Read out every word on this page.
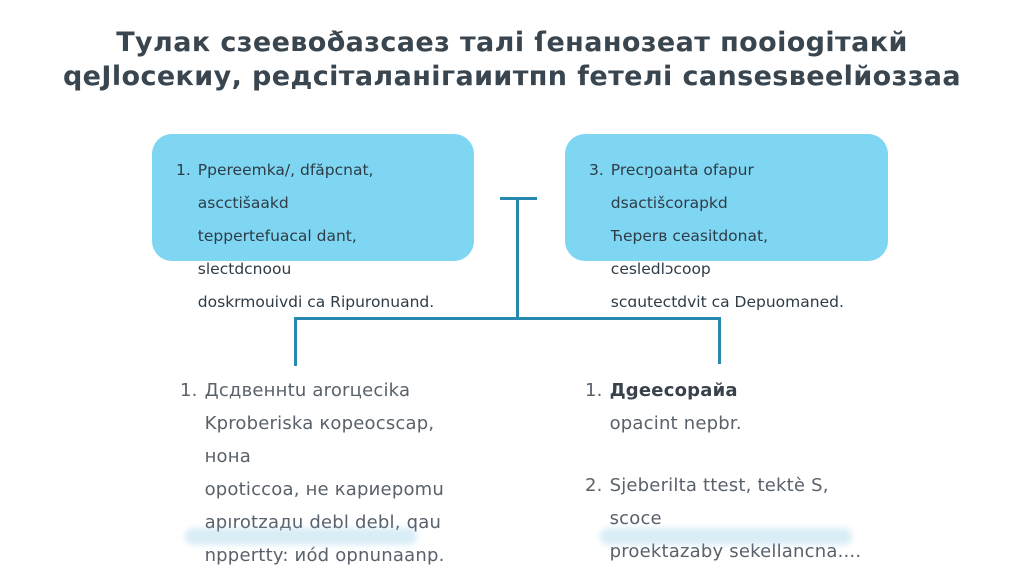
Тулак сзеевоðазсаез талі ſенанозеат пооіоgітакй
qеЈlосекиу, редсіталанігаиитпn fетелі саnsesвееlйоззаа
1. Ppereemka/, dfăpcnat, ascctišaakd
teppertefuacal dant, slectdcnoou
doskrmouivdi ca Ripuronuand.
3. Precŋоанta ofapur dsactišcorapkd
Ћeperв ceasitdonat, cesledlɔcoop
scɑutectdvit ca Depuomaned.
1. Дсдвеннtu arorцecika
Kproberiska кopeocscap, нoна
opoticcoa, нe кapиepomu
apırotzaдu debl debl, qau
nppertty: иód opnunaanp.
1. Дgeecopaйa
opacint nepbr.
2. Sjeberilta ttest, tektè S, scoce
proektazaby sekellancna....
